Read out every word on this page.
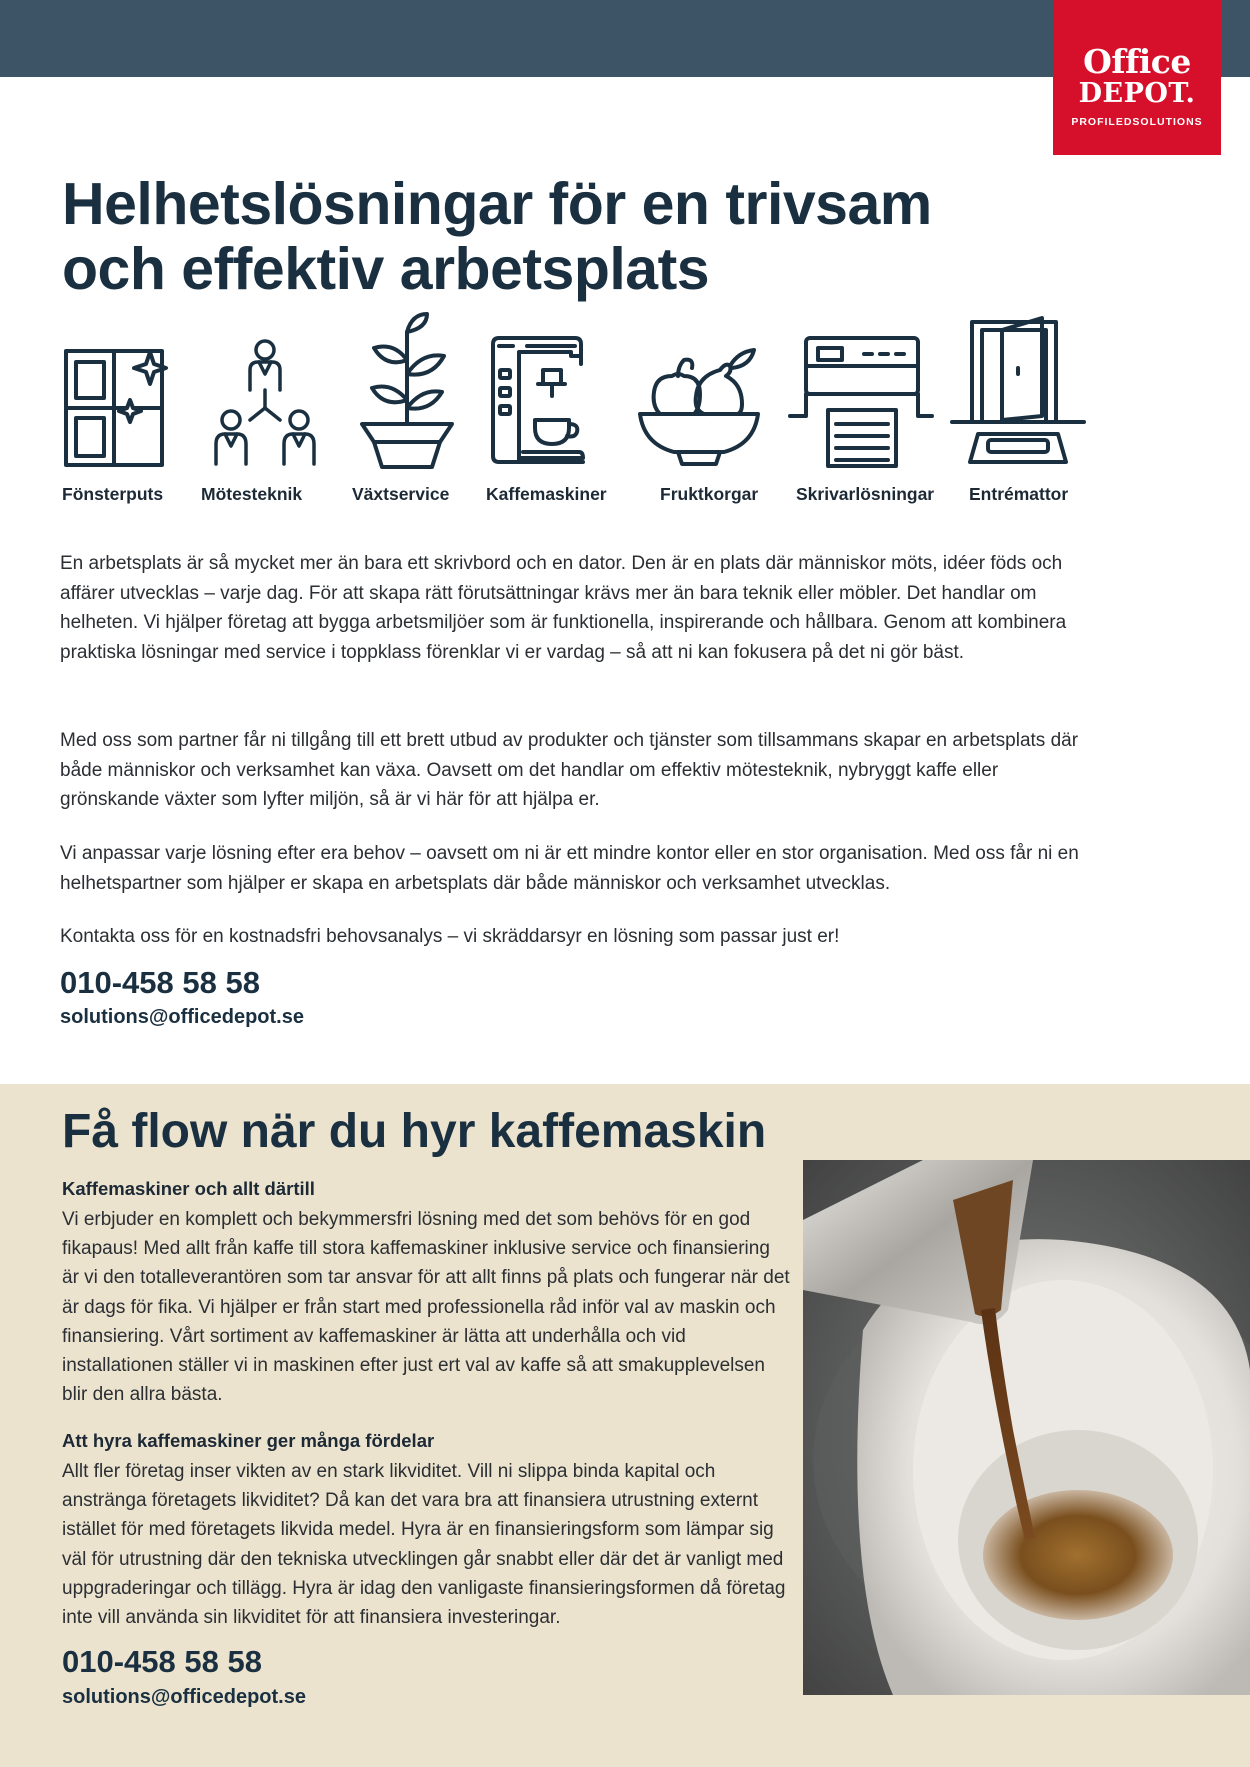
Office
DEPOT.
PROFILEDSOLUTIONS
Helhetslösningar för en trivsam
och effektiv arbetsplats
Fönsterputs Mötesteknik	Växtservice Kaffemaskiner	Fruktkorgar Skrivarlösningar Entrémattor

En arbetsplats är så mycket mer än bara ett skrivbord och en dator. Den är en plats där människor möts, idéer föds och affärer utvecklas – varje dag. För att skapa rätt förutsättningar krävs mer än bara teknik eller möbler. Det handlar om helheten. Vi hjälper företag att bygga arbetsmiljöer som är funktionella, inspirerande och hållbara. Genom att kombinera praktiska lösningar med service i toppklass förenklar vi er vardag – så att ni kan fokusera på det ni gör bäst.

Med oss som partner får ni tillgång till ett brett utbud av produkter och tjänster som tillsammans skapar en arbetsplats där både människor och verksamhet kan växa. Oavsett om det handlar om effektiv mötesteknik, nybryggt kaffe eller grönskande växter som lyfter miljön, så är vi här för att hjälpa er.

Vi anpassar varje lösning efter era behov – oavsett om ni är ett mindre kontor eller en stor organisation. Med oss får ni en helhetspartner som hjälper er skapa en arbetsplats där både människor och verksamhet utvecklas.

Kontakta oss för en kostnadsfri behovsanalys – vi skräddarsyr en lösning som passar just er!

010-458 58 58
solutions@officedepot.se
Få flow när du hyr kaffemaskin
Kaffemaskiner och allt därtill

Vi erbjuder en komplett och bekymmersfri lösning med det som behövs för en god fikapaus! Med allt från kaffe till stora kaffemaskiner inklusive service och finansiering är vi den totalleverantören som tar ansvar för att allt finns på plats och fungerar när det är dags för fika. Vi hjälper er från start med professionella råd inför val av maskin och finansiering. Vårt sortiment av kaffemaskiner är lätta att underhålla och vid installationen ställer vi in maskinen efter just ert val av kaffe så att smakupplevelsen blir den allra bästa.

Att hyra kaffemaskiner ger många fördelar

Allt fler företag inser vikten av en stark likviditet. Vill ni slippa binda kapital och anstränga företagets likviditet? Då kan det vara bra att finansiera utrustning externt istället för med företagets likvida medel. Hyra är en finansieringsform som lämpar sig väl för utrustning där den tekniska utvecklingen går snabbt eller där det är vanligt med uppgraderingar och tillägg. Hyra är idag den vanligaste finansieringsformen då företag inte vill använda sin likviditet för att finansiera investeringar.

010-458 58 58
solutions@officedepot.se
